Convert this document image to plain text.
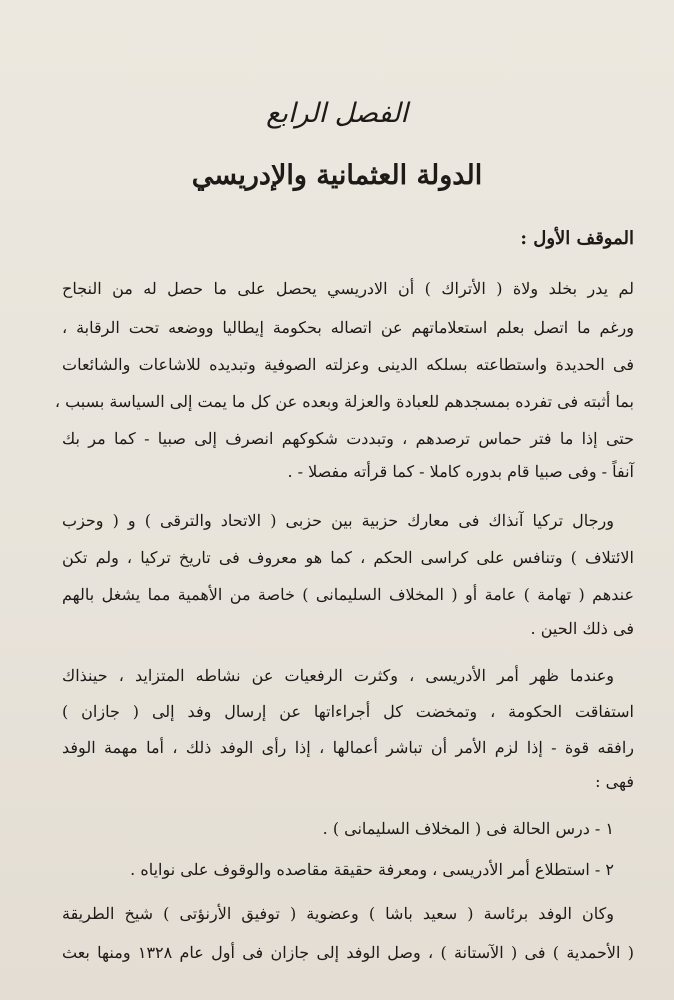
الفصل الرابع
الدولة العثمانية والإدريسي
الموقف الأول :
لم يدر بخلد ولاة ( الأتراك ) أن الادريسي يحصل على ما حصل له من النجاح
ورغم ما اتصل بعلم استعلاماتهم عن اتصاله بحكومة إيطاليا ووضعه تحت الرقابة ،
فى الحديدة واستطاعته بسلكه الدينى وعزلته الصوفية وتبديده للاشاعات والشائعات
بما أثبته فى تفرده بمسجدهم للعبادة والعزلة وبعده عن كل ما يمت إلى السياسة بسبب ،
حتى إذا ما فتر حماس ترصدهم ، وتبددت شكوكهم انصرف إلى صبيا - كما مر بك
آنفاً - وفى صبيا قام بدوره كاملا - كما قرأته مفصلا - .
ورجال تركيا آنذاك فى معارك حزبية بين حزبى ( الاتحاد والترقى ) و ( وحزب
الائتلاف ) وتنافس على كراسى الحكم ، كما هو معروف فى تاريخ تركيا ، ولم تكن
عندهم ( تهامة ) عامة أو ( المخلاف السليمانى ) خاصة من الأهمية مما يشغل بالهم
فى ذلك الحين .
وعندما ظهر أمر الأدريسى ، وكثرت الرفعيات عن نشاطه المتزايد ، حينذاك
استفاقت الحكومة ، وتمخضت كل أجراءاتها عن إرسال وفد إلى ( جازان )
رافقه قوة - إذا لزم الأمر أن تباشر أعمالها ، إذا رأى الوفد ذلك ، أما مهمة الوفد
فهى :
١ - درس الحالة فى ( المخلاف السليمانى ) .
٢ - استطلاع أمر الأدريسى ، ومعرفة حقيقة مقاصده والوقوف على نواياه .
وكان الوفد برئاسة ( سعيد باشا ) وعضوية ( توفيق الأرنؤتى ) شيخ الطريقة
( الأحمدية ) فى ( الآستانة ) ، وصل الوفد إلى جازان فى أول عام ١٣٢٨ ومنها بعث
